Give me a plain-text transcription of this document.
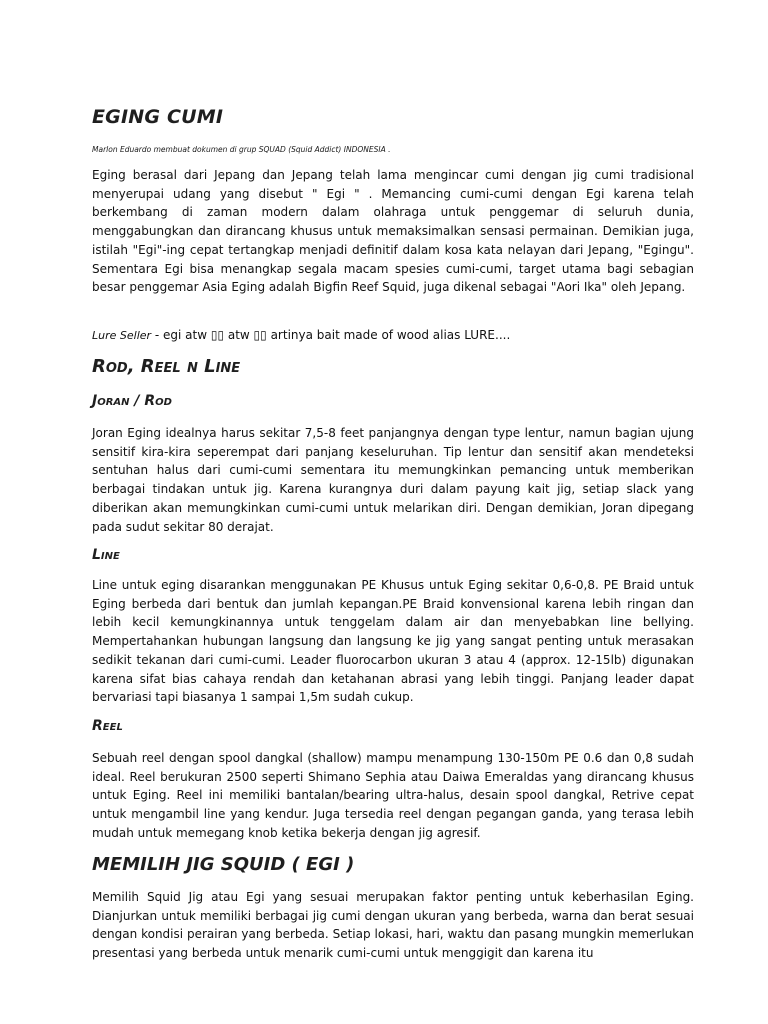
EGING CUMI

Marlon Eduardo membuat dokumen di grup SQUAD (Squid Addict) INDONESIA .

Eging berasal dari Jepang dan Jepang telah lama mengincar cumi dengan jig cumi tradisional menyerupai udang yang disebut " Egi " . Memancing cumi-cumi dengan Egi karena telah berkembang di zaman modern dalam olahraga untuk penggemar di seluruh dunia, menggabungkan dan dirancang khusus untuk memaksimalkan sensasi permainan. Demikian juga, istilah "Egi"-ing cepat tertangkap menjadi definitif dalam kosa kata nelayan dari Jepang, "Egingu". Sementara Egi bisa menangkap segala macam spesies cumi-cumi, target utama bagi sebagian besar penggemar Asia Eging adalah Bigfin Reef Squid, juga dikenal sebagai "Aori Ika" oleh Jepang.

Lure Seller - egi atw ▯▯ atw ▯▯ artinya bait made of wood alias LURE....

Rod, Reel n Line
Joran / Rod

Joran Eging idealnya harus sekitar 7,5-8 feet panjangnya dengan type lentur, namun bagian ujung sensitif kira-kira seperempat dari panjang keseluruhan. Tip lentur dan sensitif akan mendeteksi sentuhan halus dari cumi-cumi sementara itu memungkinkan pemancing untuk memberikan berbagai tindakan untuk jig. Karena kurangnya duri dalam payung kait jig, setiap slack yang diberikan akan memungkinkan cumi-cumi untuk melarikan diri. Dengan demikian, Joran dipegang pada sudut sekitar 80 derajat.

Line

Line untuk eging disarankan menggunakan PE Khusus untuk Eging sekitar 0,6-0,8. PE Braid untuk Eging berbeda dari bentuk dan jumlah kepangan.PE Braid konvensional karena lebih ringan dan lebih kecil kemungkinannya untuk tenggelam dalam air dan menyebabkan line bellying. Mempertahankan hubungan langsung dan langsung ke jig yang sangat penting untuk merasakan sedikit tekanan dari cumi-cumi. Leader fluorocarbon ukuran 3 atau 4 (approx. 12-15lb) digunakan karena sifat bias cahaya rendah dan ketahanan abrasi yang lebih tinggi. Panjang leader dapat bervariasi tapi biasanya 1 sampai 1,5m sudah cukup.

Reel

Sebuah reel dengan spool dangkal (shallow) mampu menampung 130-150m PE 0.6 dan 0,8 sudah ideal. Reel berukuran 2500 seperti Shimano Sephia atau Daiwa Emeraldas yang dirancang khusus untuk Eging. Reel ini memiliki bantalan/bearing ultra-halus, desain spool dangkal, Retrive cepat untuk mengambil line yang kendur. Juga tersedia reel dengan pegangan ganda, yang terasa lebih mudah untuk memegang knob ketika bekerja dengan jig agresif.

MEMILIH JIG SQUID ( EGI )

Memilih Squid Jig atau Egi yang sesuai merupakan faktor penting untuk keberhasilan Eging. Dianjurkan untuk memiliki berbagai jig cumi dengan ukuran yang berbeda, warna dan berat sesuai dengan kondisi perairan yang berbeda. Setiap lokasi, hari, waktu dan pasang mungkin memerlukan presentasi yang berbeda untuk menarik cumi-cumi untuk menggigit dan karena itu
